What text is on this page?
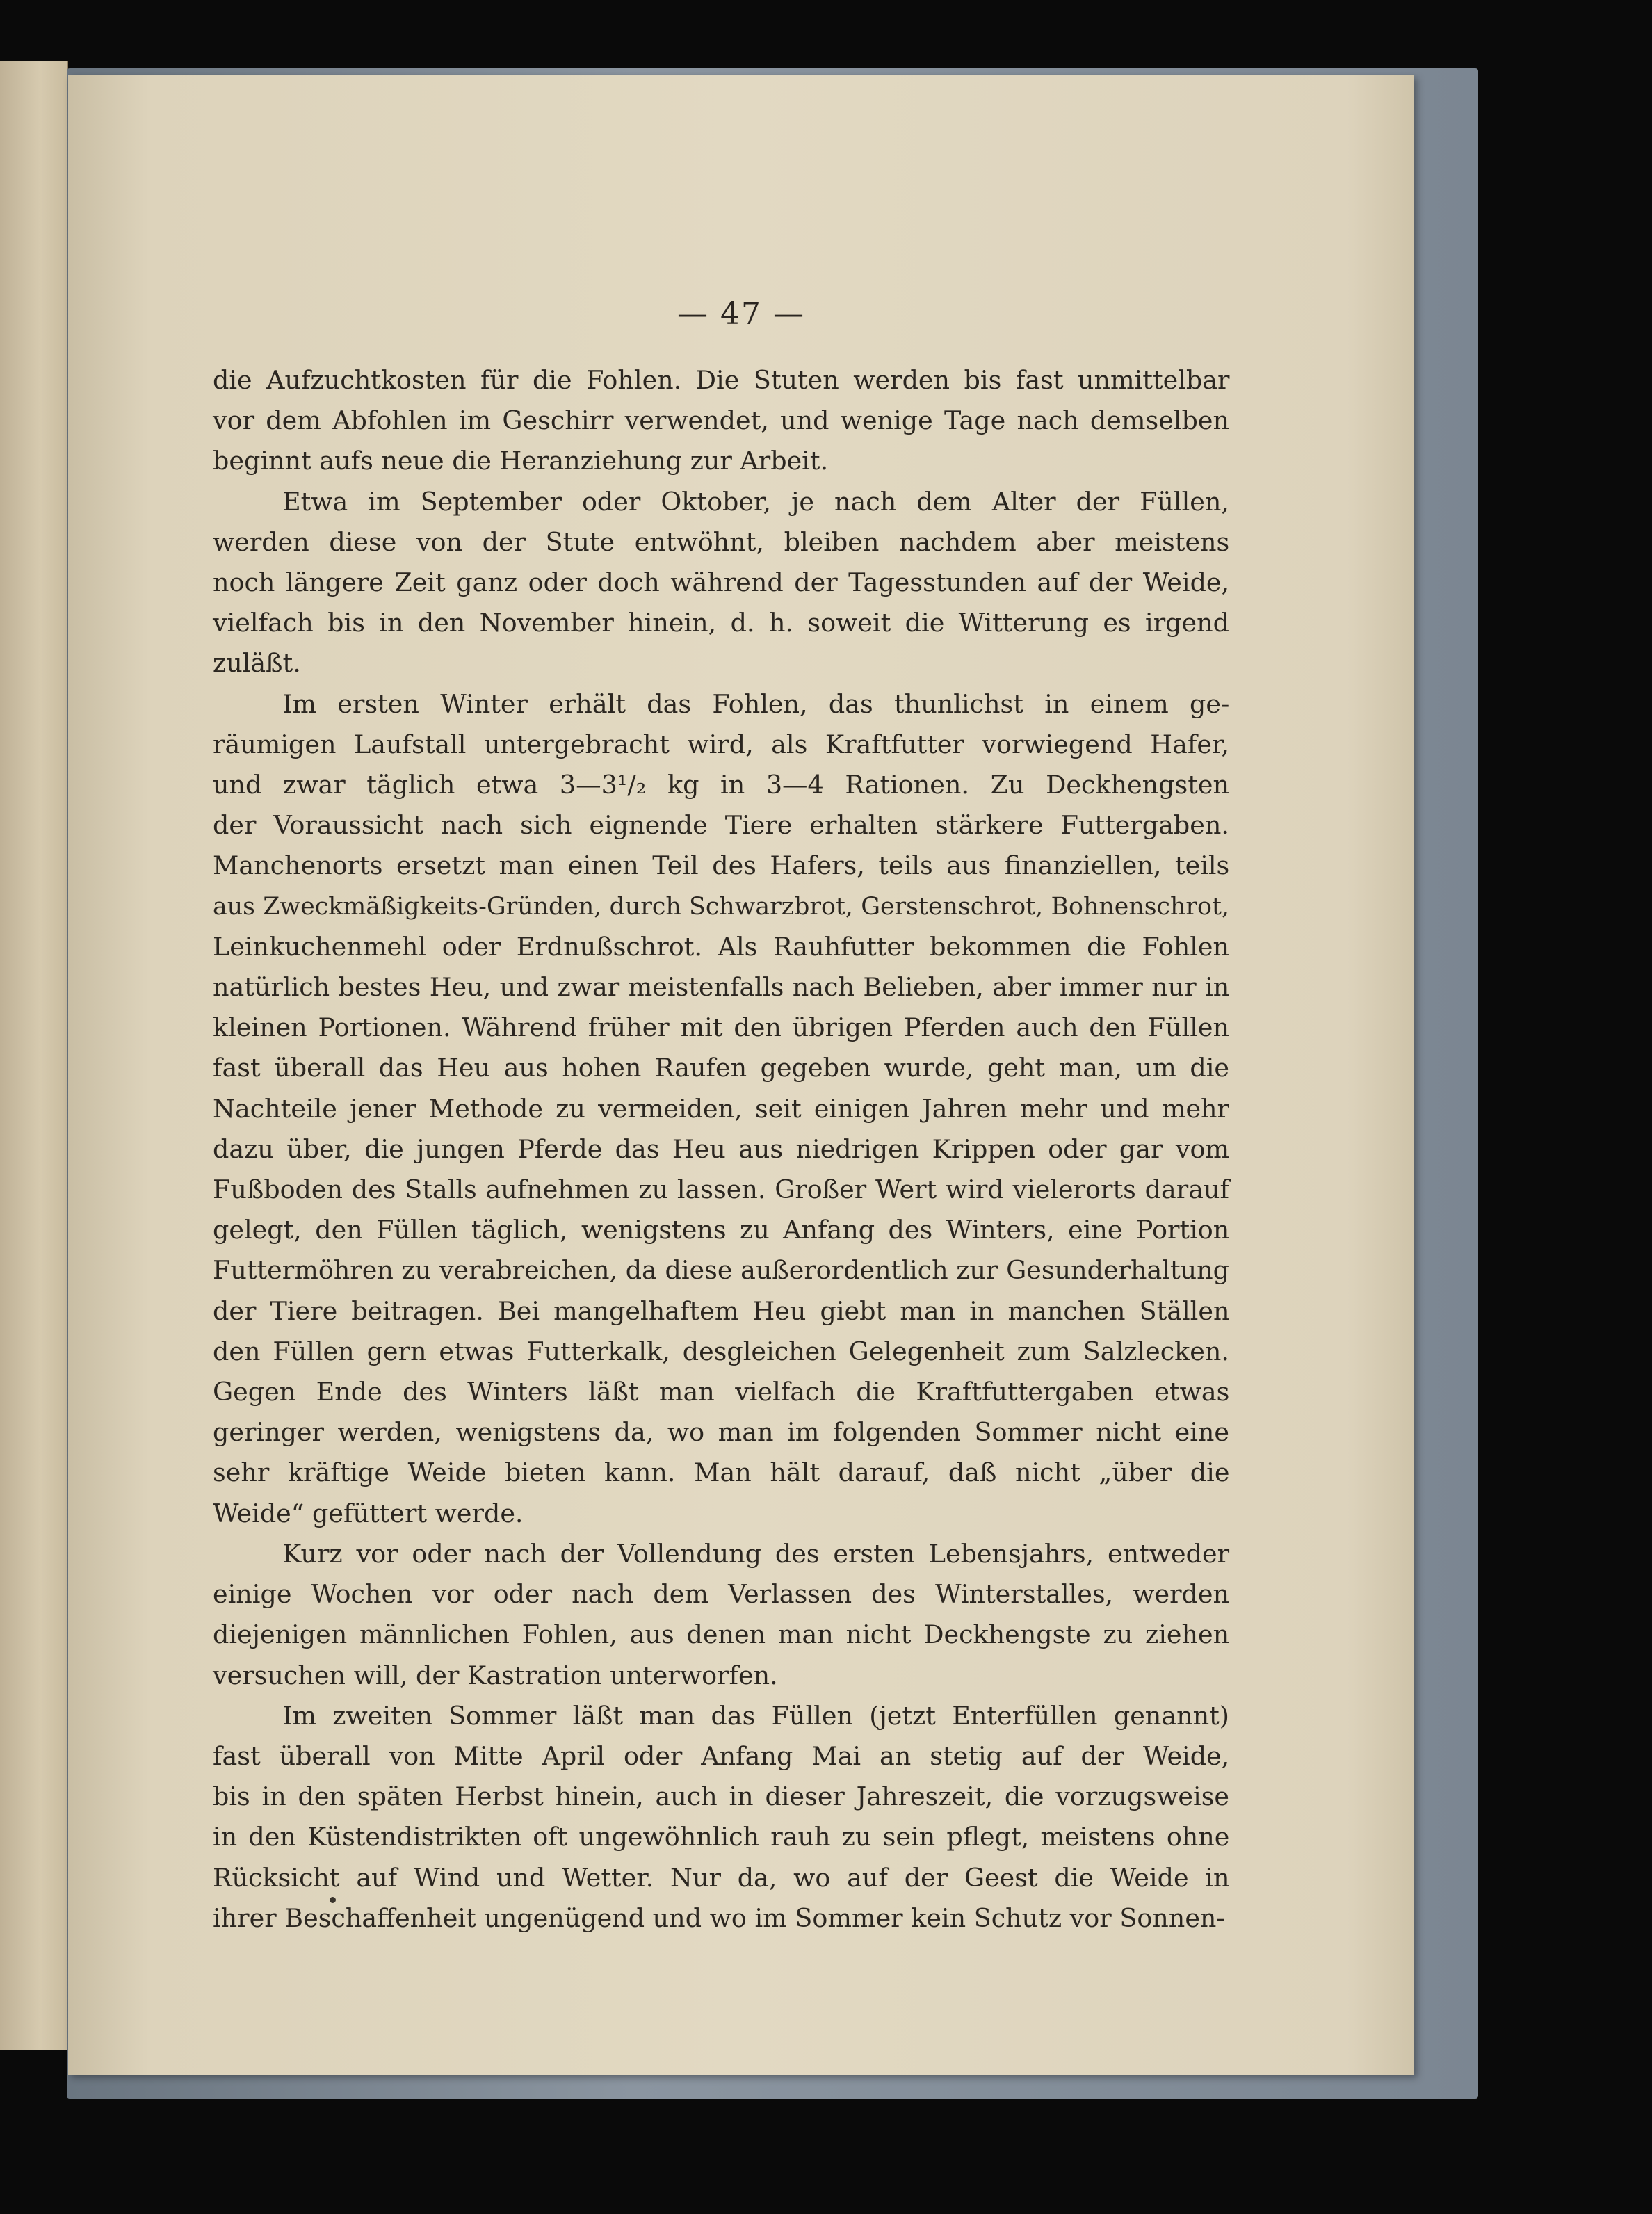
— 47 —
die Aufzuchtkosten für die Fohlen. Die Stuten werden bis fast unmittelbar
vor dem Abfohlen im Geschirr verwendet, und wenige Tage nach demselben
beginnt aufs neue die Heranziehung zur Arbeit.
Etwa im September oder Oktober, je nach dem Alter der Füllen,
werden diese von der Stute entwöhnt, bleiben nachdem aber meistens
noch längere Zeit ganz oder doch während der Tagesstunden auf der Weide,
vielfach bis in den November hinein, d. h. soweit die Witterung es irgend
zuläßt.
Im ersten Winter erhält das Fohlen, das thunlichst in einem ge-
räumigen Laufstall untergebracht wird, als Kraftfutter vorwiegend Hafer,
und zwar täglich etwa 3—3¹/₂ kg in 3—4 Rationen. Zu Deckhengsten
der Voraussicht nach sich eignende Tiere erhalten stärkere Futtergaben.
Manchenorts ersetzt man einen Teil des Hafers, teils aus finanziellen, teils
aus Zweckmäßigkeits-Gründen, durch Schwarzbrot, Gerstenschrot, Bohnenschrot,
Leinkuchenmehl oder Erdnußschrot. Als Rauhfutter bekommen die Fohlen
natürlich bestes Heu, und zwar meistenfalls nach Belieben, aber immer nur in
kleinen Portionen. Während früher mit den übrigen Pferden auch den Füllen
fast überall das Heu aus hohen Raufen gegeben wurde, geht man, um die
Nachteile jener Methode zu vermeiden, seit einigen Jahren mehr und mehr
dazu über, die jungen Pferde das Heu aus niedrigen Krippen oder gar vom
Fußboden des Stalls aufnehmen zu lassen. Großer Wert wird vielerorts darauf
gelegt, den Füllen täglich, wenigstens zu Anfang des Winters, eine Portion
Futtermöhren zu verabreichen, da diese außerordentlich zur Gesunderhaltung
der Tiere beitragen. Bei mangelhaftem Heu giebt man in manchen Ställen
den Füllen gern etwas Futterkalk, desgleichen Gelegenheit zum Salzlecken.
Gegen Ende des Winters läßt man vielfach die Kraftfuttergaben etwas
geringer werden, wenigstens da, wo man im folgenden Sommer nicht eine
sehr kräftige Weide bieten kann. Man hält darauf, daß nicht „über die
Weide“ gefüttert werde.
Kurz vor oder nach der Vollendung des ersten Lebensjahrs, entweder
einige Wochen vor oder nach dem Verlassen des Winterstalles, werden
diejenigen männlichen Fohlen, aus denen man nicht Deckhengste zu ziehen
versuchen will, der Kastration unterworfen.
Im zweiten Sommer läßt man das Füllen (jetzt Enterfüllen genannt)
fast überall von Mitte April oder Anfang Mai an stetig auf der Weide,
bis in den späten Herbst hinein, auch in dieser Jahreszeit, die vorzugsweise
in den Küstendistrikten oft ungewöhnlich rauh zu sein pflegt, meistens ohne
Rücksicht auf Wind und Wetter. Nur da, wo auf der Geest die Weide in
ihrer Beschaffenheit ungenügend und wo im Sommer kein Schutz vor Sonnen-
